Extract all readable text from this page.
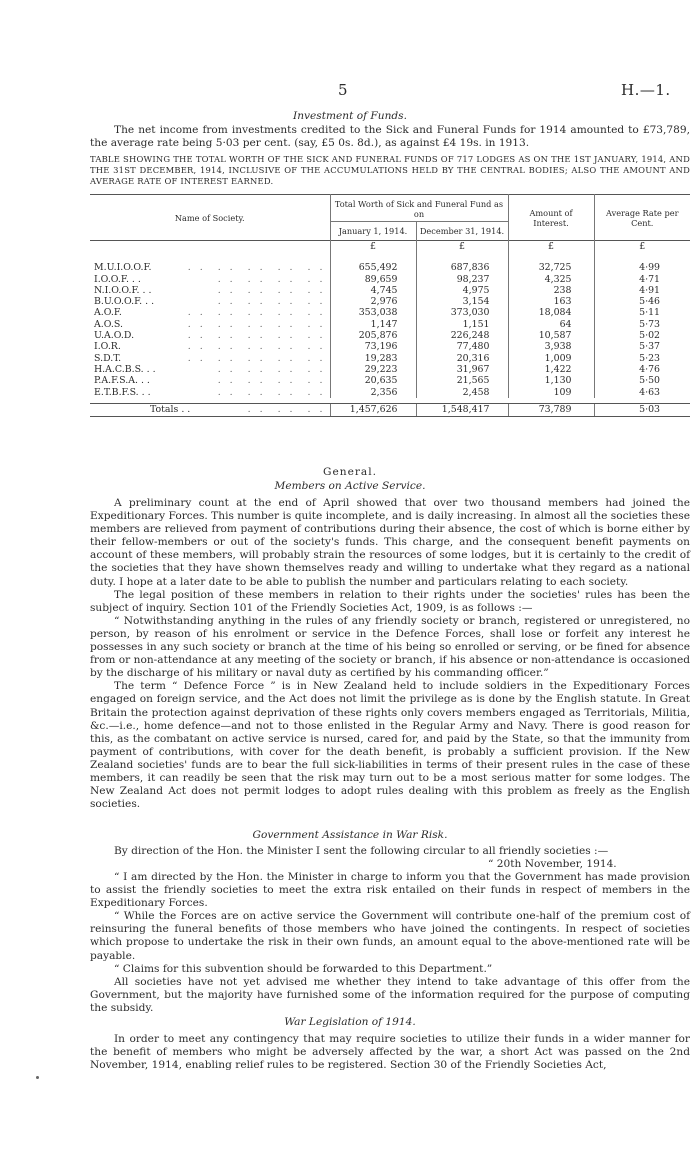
5	H.—1.
Investment of Funds.

The net income from investments credited to the Sick and Funeral Funds for 1914 amounted to £73,789, the average rate being 5·03 per cent. (say, £5 0s. 8d.), as against £4 19s. in 1913.

TABLE SHOWING THE TOTAL WORTH OF THE SICK AND FUNERAL FUNDS OF 717 LODGES AS ON THE 1ST JANUARY, 1914, AND THE 31ST DECEMBER, 1914, INCLUSIVE OF THE ACCUMULATIONS HELD BY THE CENTRAL BODIES; ALSO THE AMOUNT AND AVERAGE RATE OF INTEREST EARNED.
Name of Society.	Total Worth of Sick and Funeral Fund as on		Amount of Interest.	Average Rate per Cent.
	January 1, 1914.	December 31, 1914.		
	£	£	£	£
M.U.I.O.O.F. . . . . . . . . . .	655,492	687,836	32,725	4·99
I.O.O.F. . . . . . . . . . .	89,659	98,237	4,325	4·71
N.I.O.O.F. . . . . . . . . . .	4,745	4,975	238	4·91
B.U.O.O.F. . . . . . . . . . .	2,976	3,154	163	5·46
A.O.F. . . . . . . . . . .	353,038	373,030	18,084	5·11
A.O.S. . . . . . . . . . .	1,147	1,151	64	5·73
U.A.O.D. . . . . . . . . . .	205,876	226,248	10,587	5·02
I.O.R. . . . . . . . . . .	73,196	77,480	3,938	5·37
S.D.T. . . . . . . . . . .	19,283	20,316	1,009	5·23
H.A.C.B.S. . . . . . . . . . .	29,223	31,967	1,422	4·76
P.A.F.S.A. . . . . . . . . . .	20,635	21,565	1,130	5·50
E.T.B.F.S. . . . . . . . . . .	2,356	2,458	109	4·63

Totals . . . . . . . .	1,457,626	1,548,417	73,789	5·03
General.
Members on Active Service.

A preliminary count at the end of April showed that over two thousand members had joined the Expeditionary Forces. This number is quite incomplete, and is daily increasing. In almost all the societies these members are relieved from payment of contributions during their absence, the cost of which is borne either by their fellow-members or out of the society's funds. This charge, and the consequent benefit payments on account of these members, will probably strain the resources of some lodges, but it is certainly to the credit of the societies that they have shown themselves ready and willing to undertake what they regard as a national duty. I hope at a later date to be able to publish the number and particulars relating to each society.

The legal position of these members in relation to their rights under the societies' rules has been the subject of inquiry. Section 101 of the Friendly Societies Act, 1909, is as follows :—

“ Notwithstanding anything in the rules of any friendly society or branch, registered or unregistered, no person, by reason of his enrolment or service in the Defence Forces, shall lose or forfeit any interest he possesses in any such society or branch at the time of his being so enrolled or serving, or be fined for absence from or non-attendance at any meeting of the society or branch, if his absence or non-attendance is occasioned by the discharge of his military or naval duty as certified by his commanding officer.”

The term “ Defence Force ” is in New Zealand held to include soldiers in the Expeditionary Forces engaged on foreign service, and the Act does not limit the privilege as is done by the English statute. In Great Britain the protection against deprivation of these rights only covers members engaged as Territorials, Militia, &c.—i.e., home defence—and not to those enlisted in the Regular Army and Navy. There is good reason for this, as the combatant on active service is nursed, cared for, and paid by the State, so that the immunity from payment of contributions, with cover for the death benefit, is probably a sufficient provision. If the New Zealand societies' funds are to bear the full sick-liabilities in terms of their present rules in the case of these members, it can readily be seen that the risk may turn out to be a most serious matter for some lodges. The New Zealand Act does not permit lodges to adopt rules dealing with this problem as freely as the English societies.

Government Assistance in War Risk.

By direction of the Hon. the Minister I sent the following circular to all friendly societies :—

“ 20th November, 1914.

“ I am directed by the Hon. the Minister in charge to inform you that the Government has made provision to assist the friendly societies to meet the extra risk entailed on their funds in respect of members in the Expeditionary Forces.

“ While the Forces are on active service the Government will contribute one-half of the premium cost of reinsuring the funeral benefits of those members who have joined the contingents. In respect of societies which propose to undertake the risk in their own funds, an amount equal to the above-mentioned rate will be payable.

“ Claims for this subvention should be forwarded to this Department.”

All societies have not yet advised me whether they intend to take advantage of this offer from the Government, but the majority have furnished some of the information required for the purpose of computing the subsidy.

War Legislation of 1914.

In order to meet any contingency that may require societies to utilize their funds in a wider manner for the benefit of members who might be adversely affected by the war, a short Act was passed on the 2nd November, 1914, enabling relief rules to be registered. Section 30 of the Friendly Societies Act,
